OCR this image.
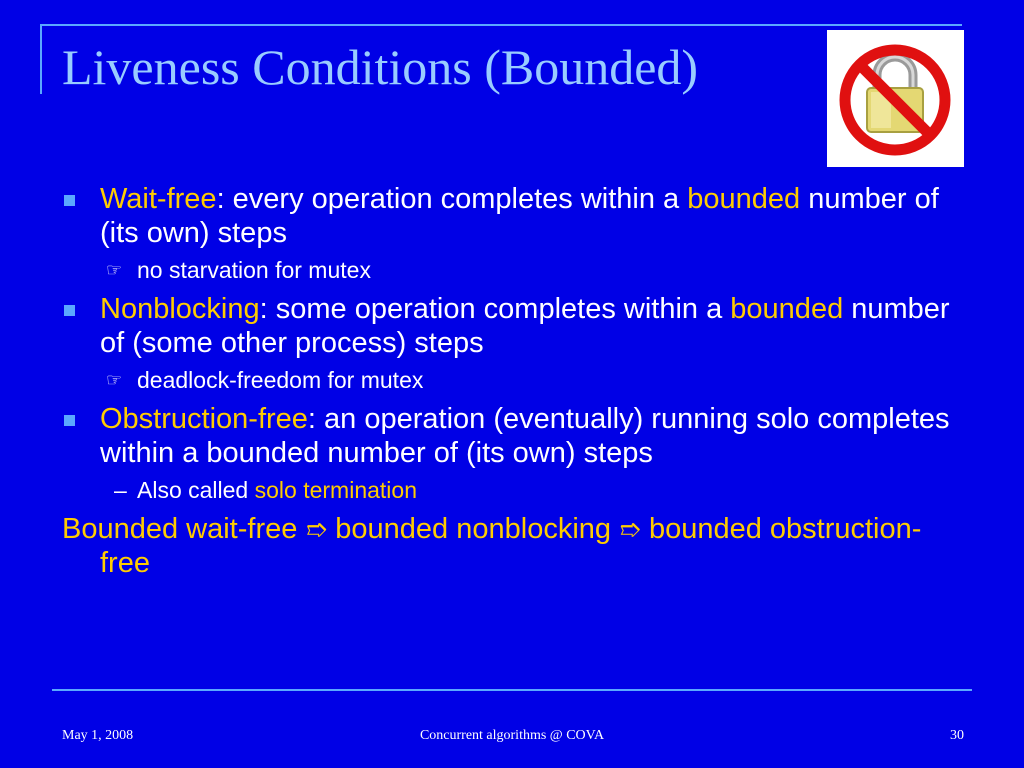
Liveness Conditions (Bounded)
Wait-free: every operation completes within a bounded number of (its own) steps
☞ no starvation for mutex
Nonblocking: some operation completes within a bounded number of (some other process) steps
☞ deadlock-freedom for mutex
Obstruction-free: an operation (eventually) running solo completes within a bounded number of (its own) steps
– Also called solo termination
Bounded wait-free ➱ bounded nonblocking ➱ bounded obstruction-free
May 1, 2008	Concurrent algorithms @ COVA	30
